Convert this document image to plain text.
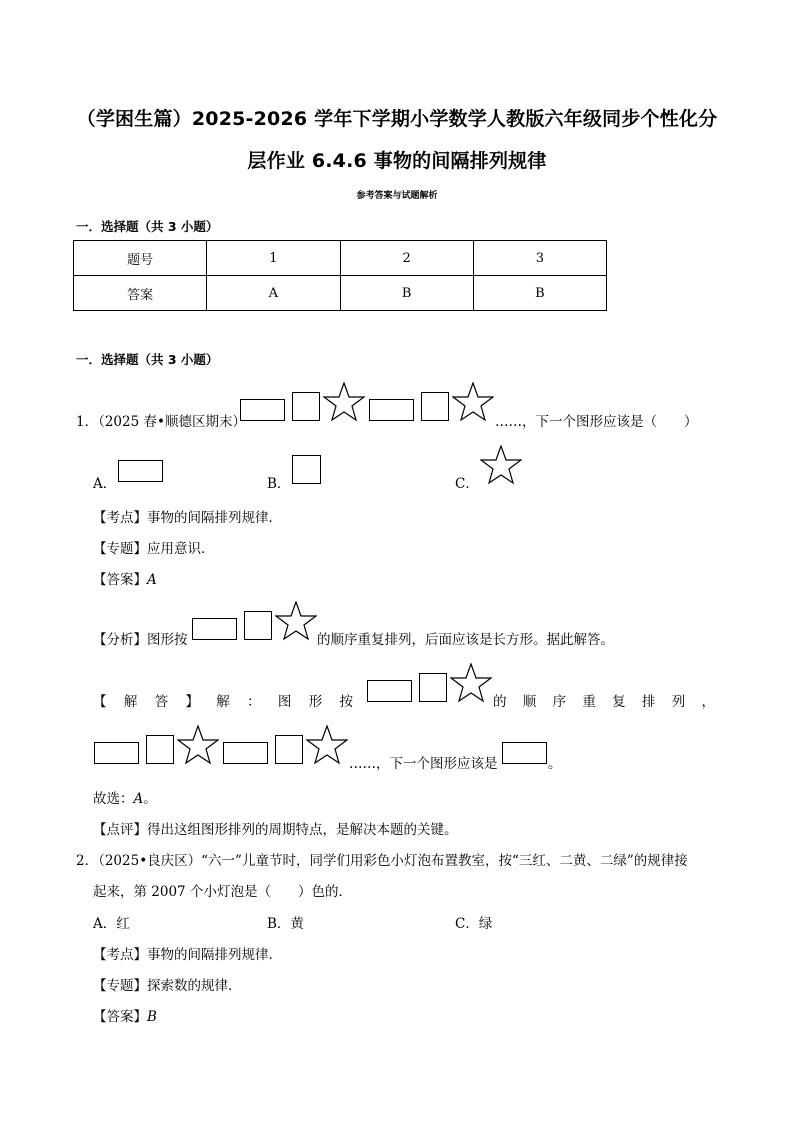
（学困生篇）2025-2026 学年下学期小学数学人教版六年级同步个性化分
层作业 6.4.6 事物的间隔排列规律
参考答案与试题解析
一．选择题（共 3 小题）
题号	1	2	3
答案	A	B	B
一．选择题（共 3 小题）
1．（2025 春•顺德区期末）	……，下一个图形应该是（　　）
A．	B．	C．
【考点】事物的间隔排列规律．
【专题】应用意识．
【答案】A
【分析】图形按	的顺序重复排列，后面应该是长方形。据此解答。
【 解 答 】 解 ： 图 形 按	的 顺 序 重 复 排 列 ，
……，下一个图形应该是	。
故选：A。
【点评】得出这组图形排列的周期特点，是解决本题的关键。
2．（2025•良庆区）“六一”儿童节时，同学们用彩色小灯泡布置教室，按“三红、二黄、二绿”的规律接
起来，第 2007 个小灯泡是（　　）色的．
A．红	B．黄	C．绿
【考点】事物的间隔排列规律．
【专题】探索数的规律．
【答案】B
